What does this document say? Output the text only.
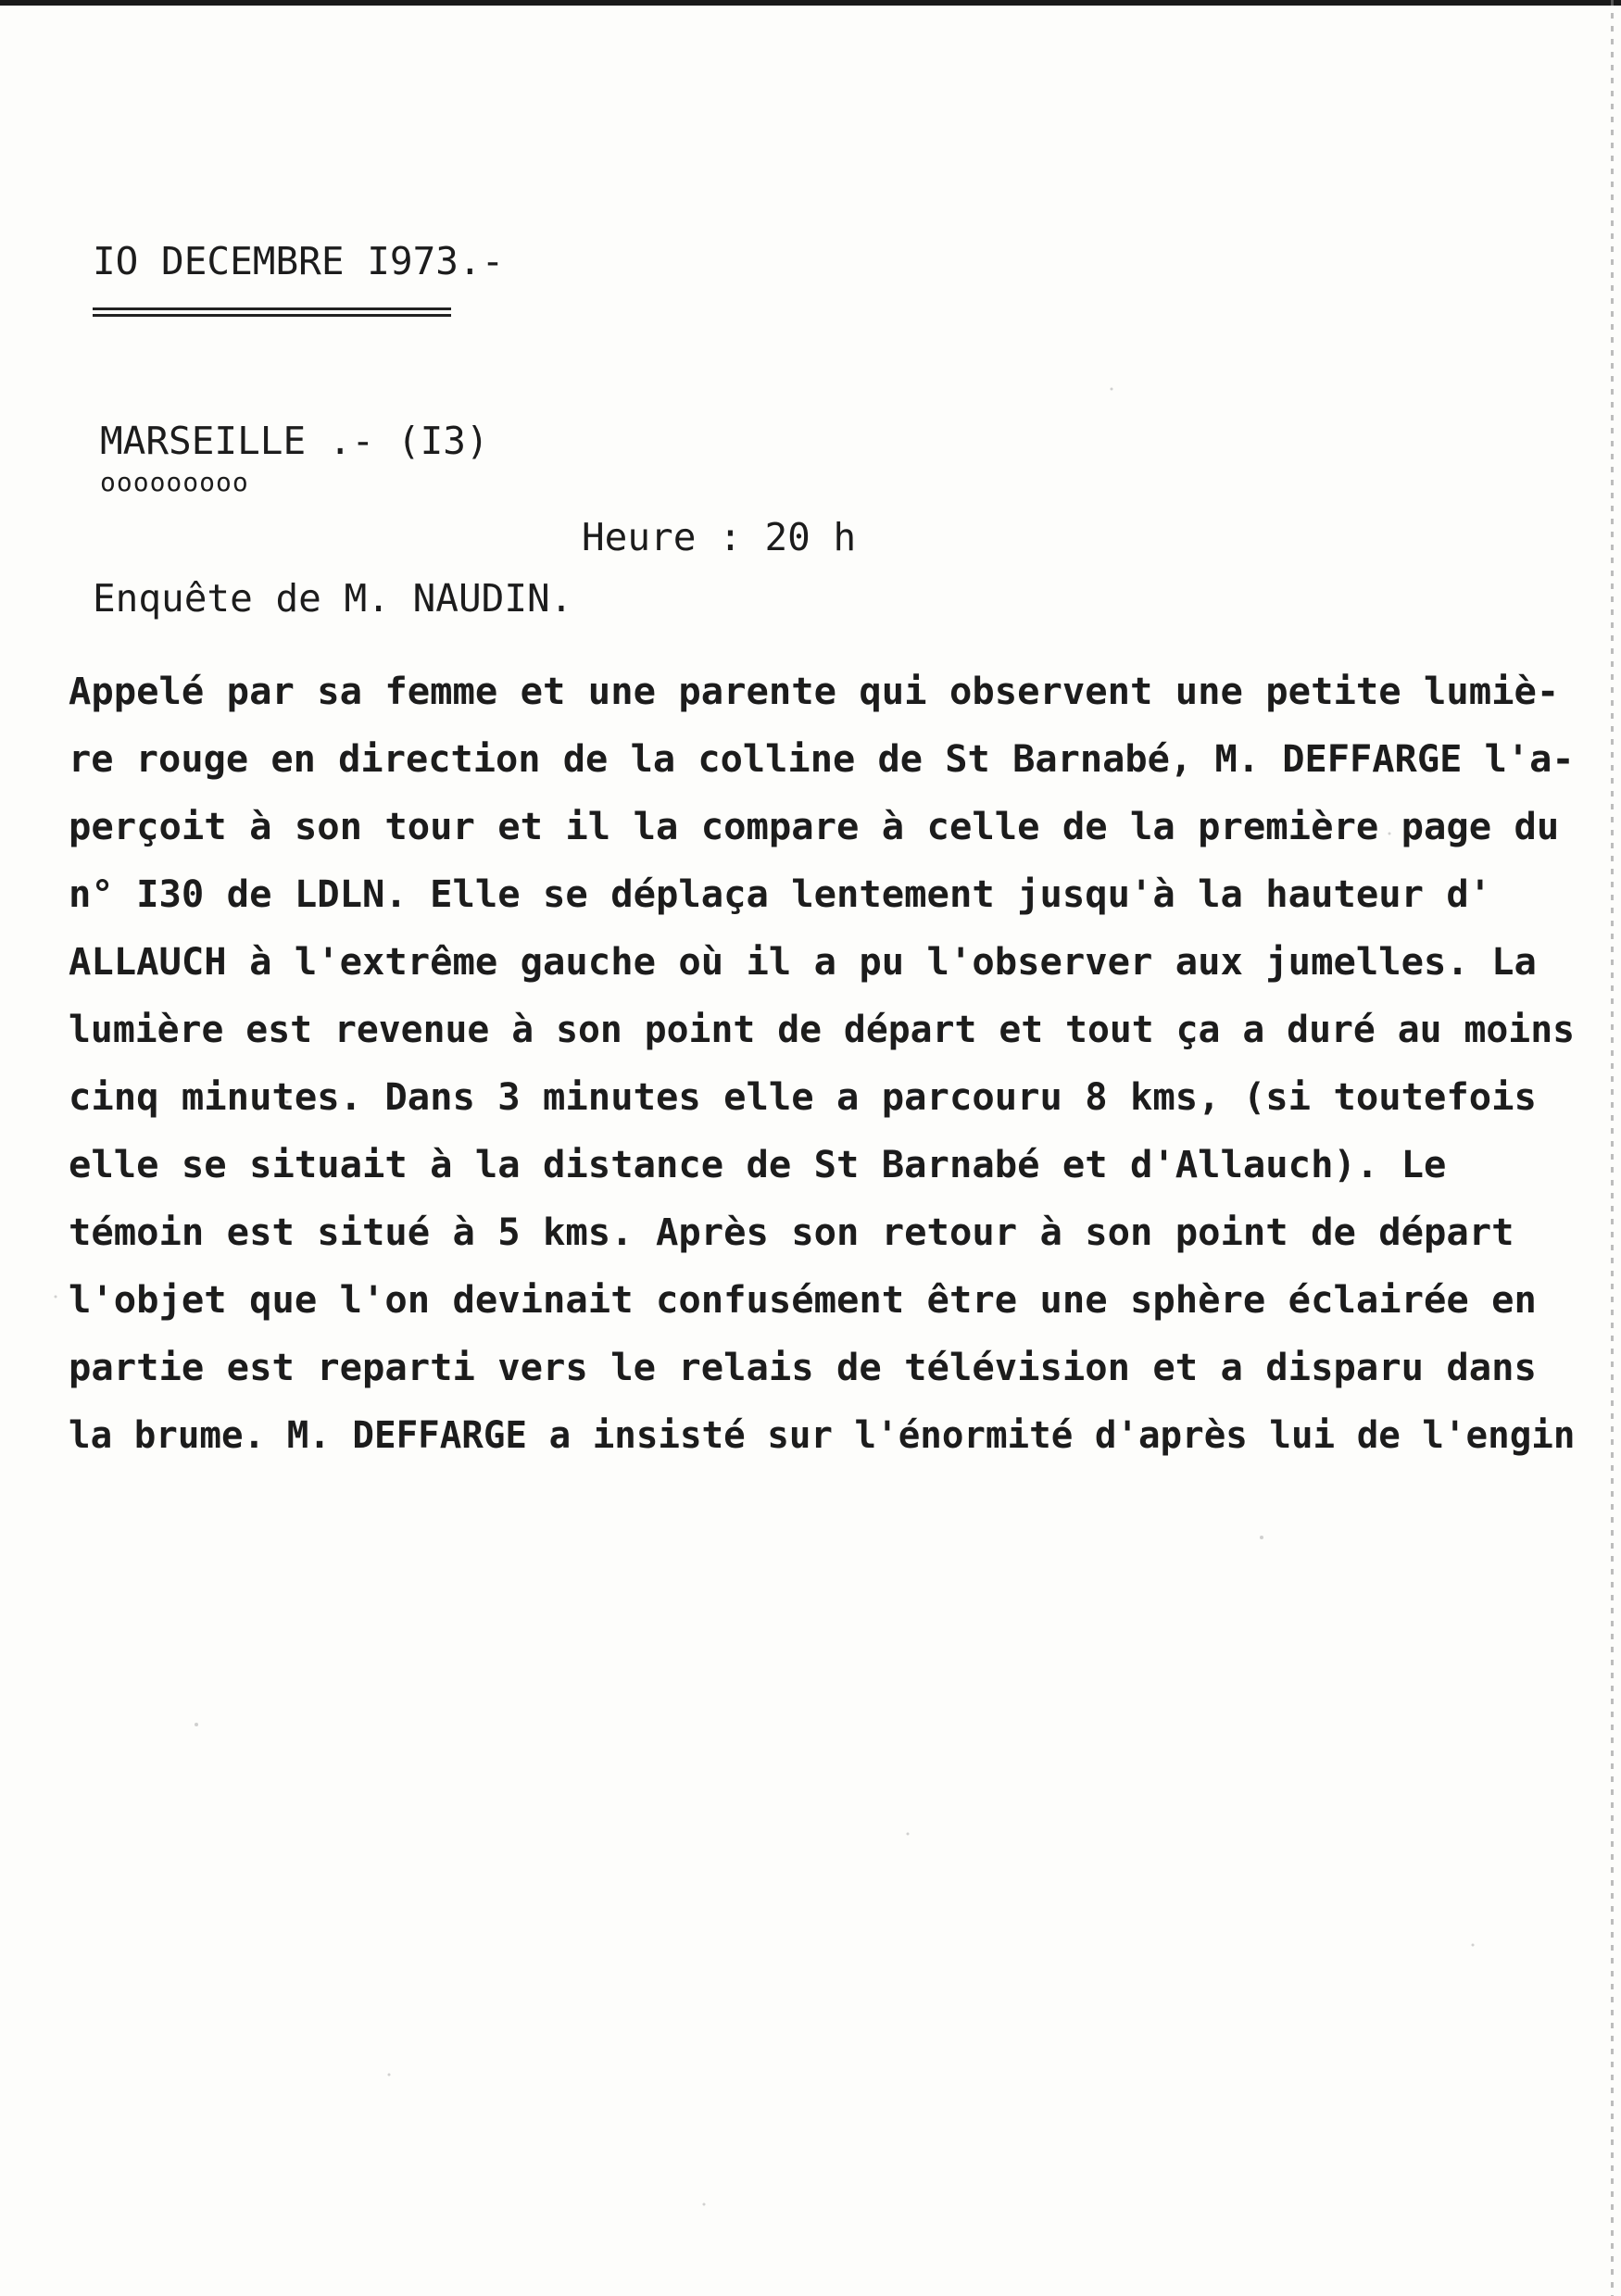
IO DECEMBRE I973.-
MARSEILLE .- (I3)
ooooooooo
Heure : 20 h
Enquête de M. NAUDIN.
Appelé par sa femme et une parente qui observent une petite lumiè-
re rouge en direction de la colline de St Barnabé, M. DEFFARGE l'a-
perçoit à son tour et il la compare à celle de la première page du
n° I30 de LDLN. Elle se déplaça lentement jusqu'à la hauteur d'
ALLAUCH à l'extrême gauche où il a pu l'observer aux jumelles. La
lumière est revenue à son point de départ et tout ça a duré au moins
cinq minutes. Dans 3 minutes elle a parcouru 8 kms, (si toutefois
elle se situait à la distance de St Barnabé et d'Allauch). Le
témoin est situé à 5 kms. Après son retour à son point de départ
l'objet que l'on devinait confusément être une sphère éclairée en
partie est reparti vers le relais de télévision et a disparu dans
la brume. M. DEFFARGE a insisté sur l'énormité d'après lui de l'engin
